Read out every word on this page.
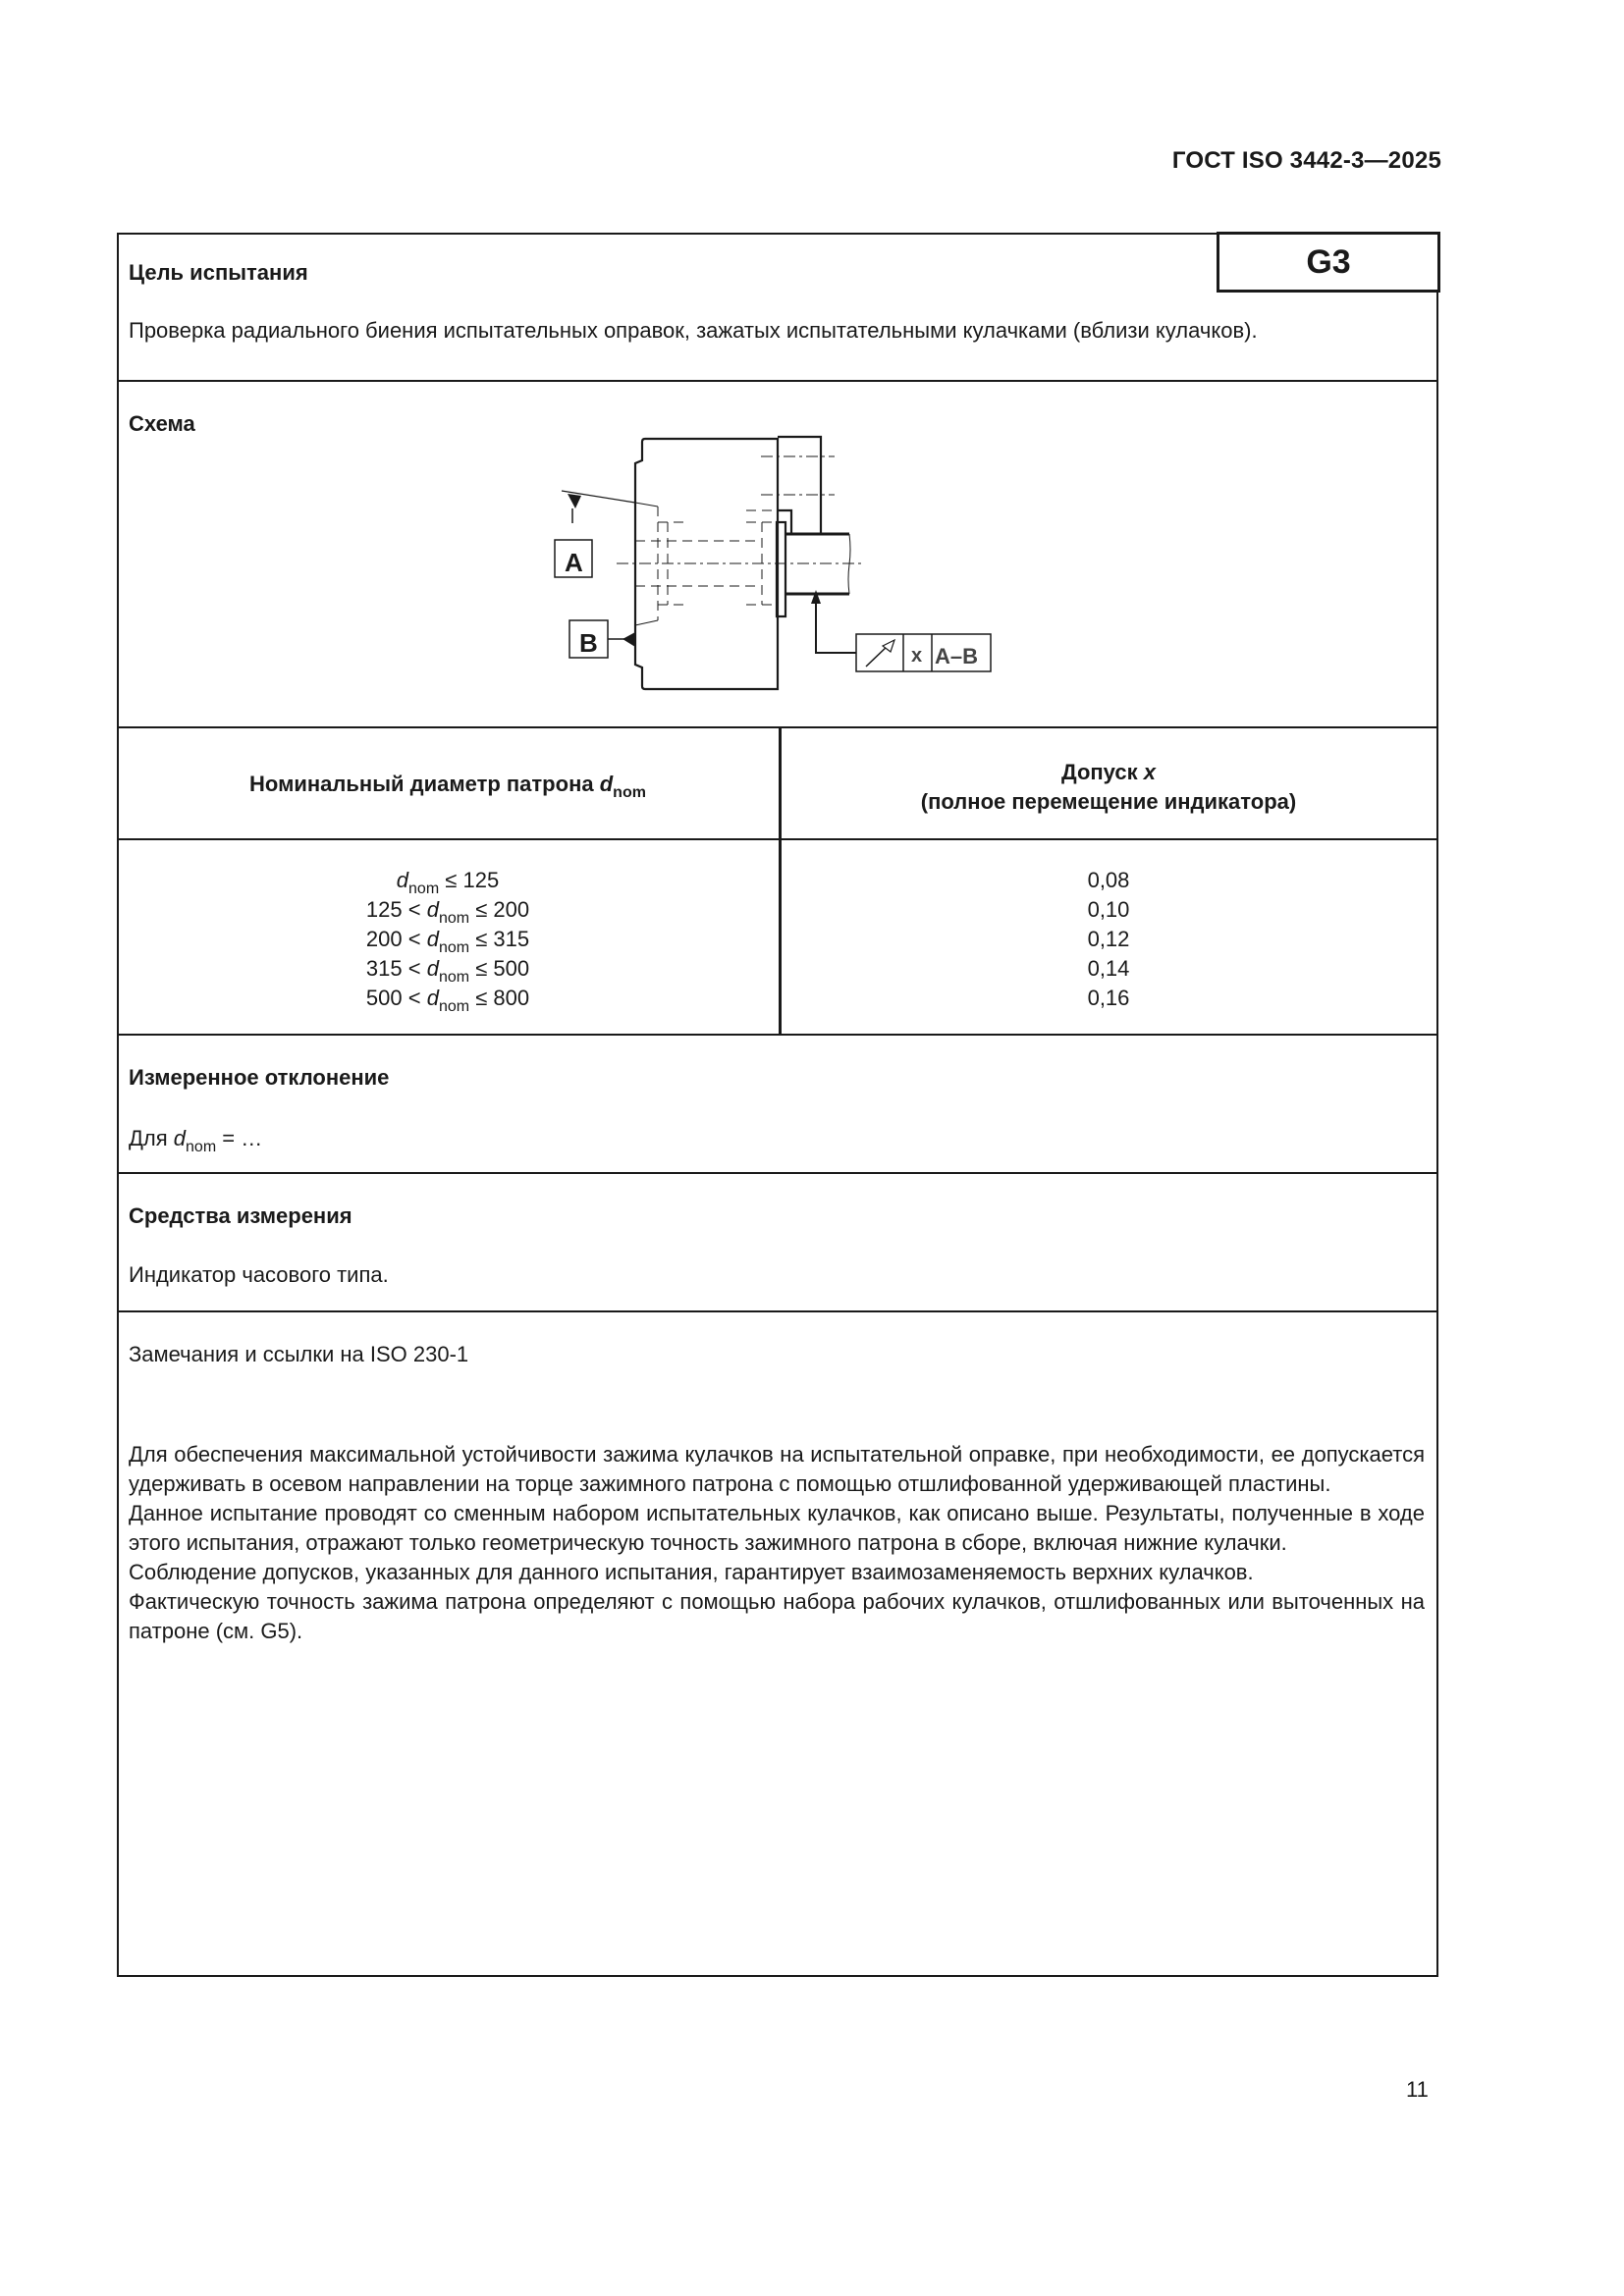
ГОСТ ISO 3442-3—2025
Цель испытания
Проверка радиального биения испытательных оправок, зажатых испытательными кулачками (вблизи кулачков).
G3
Схема
A
B	x A–B
Номинальный диаметр патрона $d_{nom}$
Допуск x
(полное перемещение индикатора)
$d_{nom} \le 125$
$125 < d_{nom} \le 200$
$200 < d_{nom} \le 315$
$315 < d_{nom} \le 500$
$500 < d_{nom} \le 800$
0,08
0,10
0,12
0,14
0,16
Измеренное отклонение
Для $d_{nom}$ = …
Средства измерения
Индикатор часового типа.
Замечания и ссылки на ISO 230-1

Для обеспечения максимальной устойчивости зажима кулачков на испытательной оправке, при необходимости, ее допускается удерживать в осевом направлении на торце зажимного патрона с помощью отшлифованной удерживающей пластины.

Данное испытание проводят со сменным набором испытательных кулачков, как описано выше. Результаты, полученные в ходе этого испытания, отражают только геометрическую точность зажимного патрона в сборе, включая нижние кулачки.

Соблюдение допусков, указанных для данного испытания, гарантирует взаимозаменяемость верхних кулачков.

Фактическую точность зажима патрона определяют с помощью набора рабочих кулачков, отшлифованных или выточенных на патроне (см. G5).

11
